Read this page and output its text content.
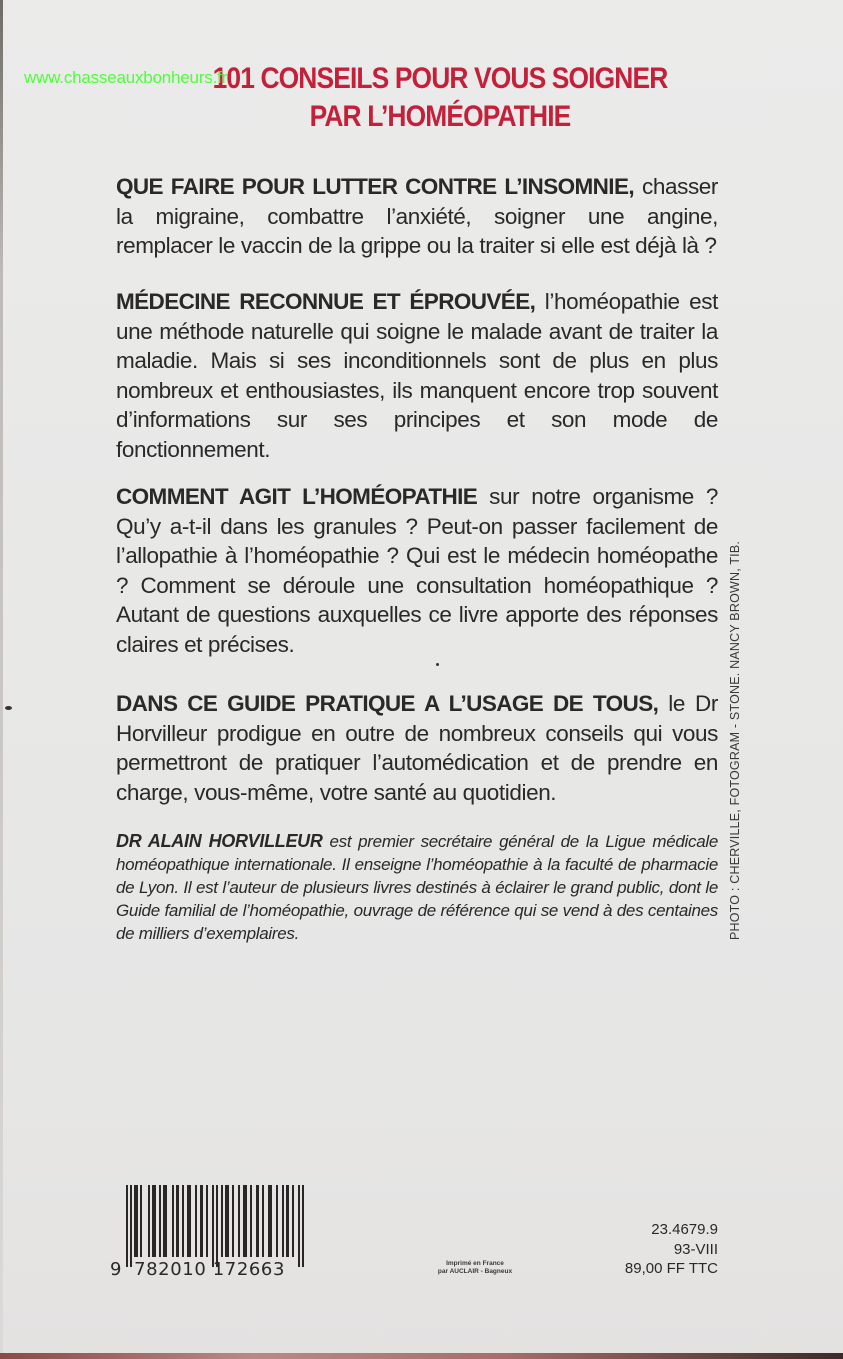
www.chasseauxbonheurs.fr
101 CONSEILS POUR VOUS SOIGNER
PAR L’HOMÉOPATHIE
QUE FAIRE POUR LUTTER CONTRE L’INSOMNIE, chasser la migraine, combattre l’anxiété, soigner une angine, remplacer le vaccin de la grippe ou la traiter si elle est déjà là ?
MÉDECINE RECONNUE ET ÉPROUVÉE, l’homéopathie est une méthode naturelle qui soigne le malade avant de traiter la maladie. Mais si ses inconditionnels sont de plus en plus nombreux et enthousiastes, ils manquent encore trop souvent d’informations sur ses principes et son mode de fonctionnement.
COMMENT AGIT L’HOMÉOPATHIE sur notre organisme ? Qu’y a-t-il dans les granules ? Peut-on passer facilement de l’allopathie à l’homéopathie ? Qui est le médecin homéopathe ? Comment se déroule une consultation homéopathique ? Autant de questions auxquelles ce livre apporte des réponses claires et précises.
DANS CE GUIDE PRATIQUE A L’USAGE DE TOUS, le Dr Horvilleur prodigue en outre de nombreux conseils qui vous permettront de pratiquer l’automédication et de prendre en charge, vous-même, votre santé au quotidien.
DR ALAIN HORVILLEUR est premier secrétaire général de la Ligue médicale homéopathique internationale. Il enseigne l’homéopathie à la faculté de pharmacie de Lyon. Il est l’auteur de plusieurs livres destinés à éclairer le grand public, dont le Guide familial de l’homéopathie, ouvrage de référence qui se vend à des centaines de milliers d’exemplaires.	PHOTO : CHERVILLE, FOTOGRAM - STONE. NANCY BROWN, TIB.
9 782010 172663	Imprimé en France
par AUCLAIR - Bagneux
23.4679.9
93-VIII
89,00 FF TTC
